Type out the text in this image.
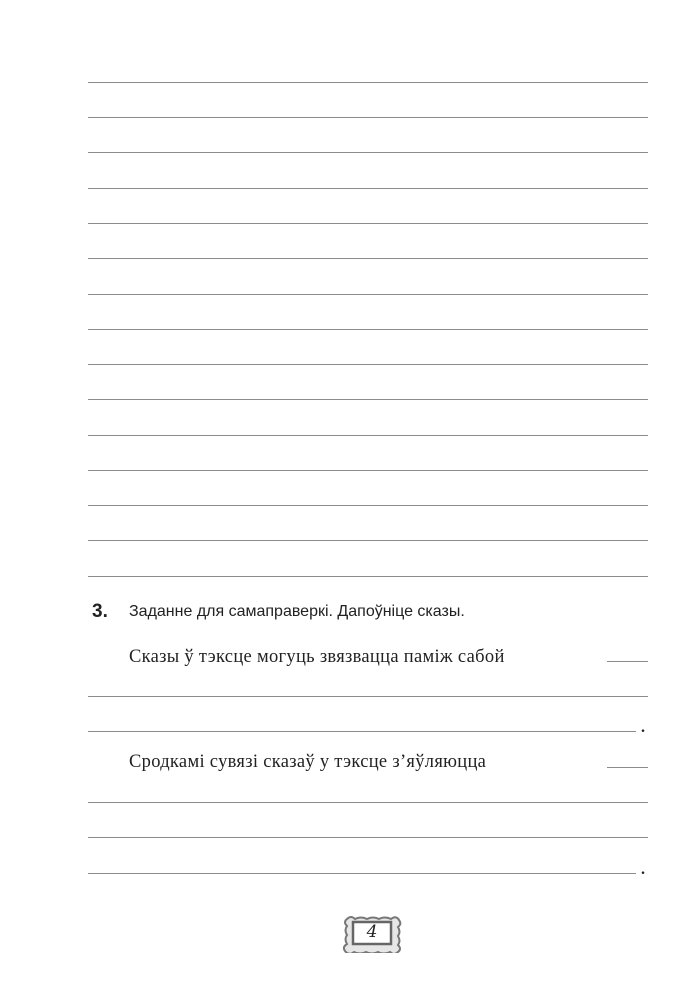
3. Заданне для самаправеркі. Дапоўніце сказы.
Сказы ў тэксце могуць звязвацца паміж сабой
.
Сродкамі сувязі сказаў у тэксце з’яўляюцца
.
4
